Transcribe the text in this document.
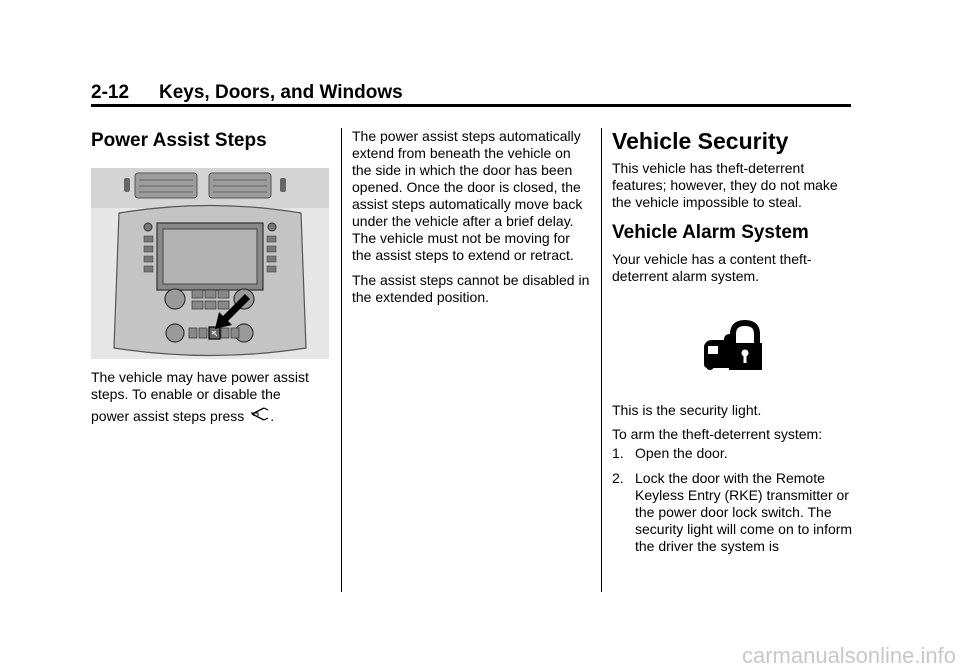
2-12 Keys, Doors, and Windows
Power Assist Steps
The vehicle may have power assist
steps. To enable or disable the
power assist steps press .

The power assist steps automatically extend from beneath the vehicle on the side in which the door has been opened. Once the door is closed, the assist steps automatically move back under the vehicle after a brief delay. The vehicle must not be moving for the assist steps to extend or retract.

The assist steps cannot be disabled in the extended position.

Vehicle Security

This vehicle has theft-deterrent features; however, they do not make the vehicle impossible to steal.

Vehicle Alarm System

Your vehicle has a content theft-deterrent alarm system.

This is the security light.

To arm the theft-deterrent system:

1. Open the door.
2. Lock the door with the Remote Keyless Entry (RKE) transmitter or the power door lock switch. The security light will come on to inform the driver the system is
carmanualsonline.info
